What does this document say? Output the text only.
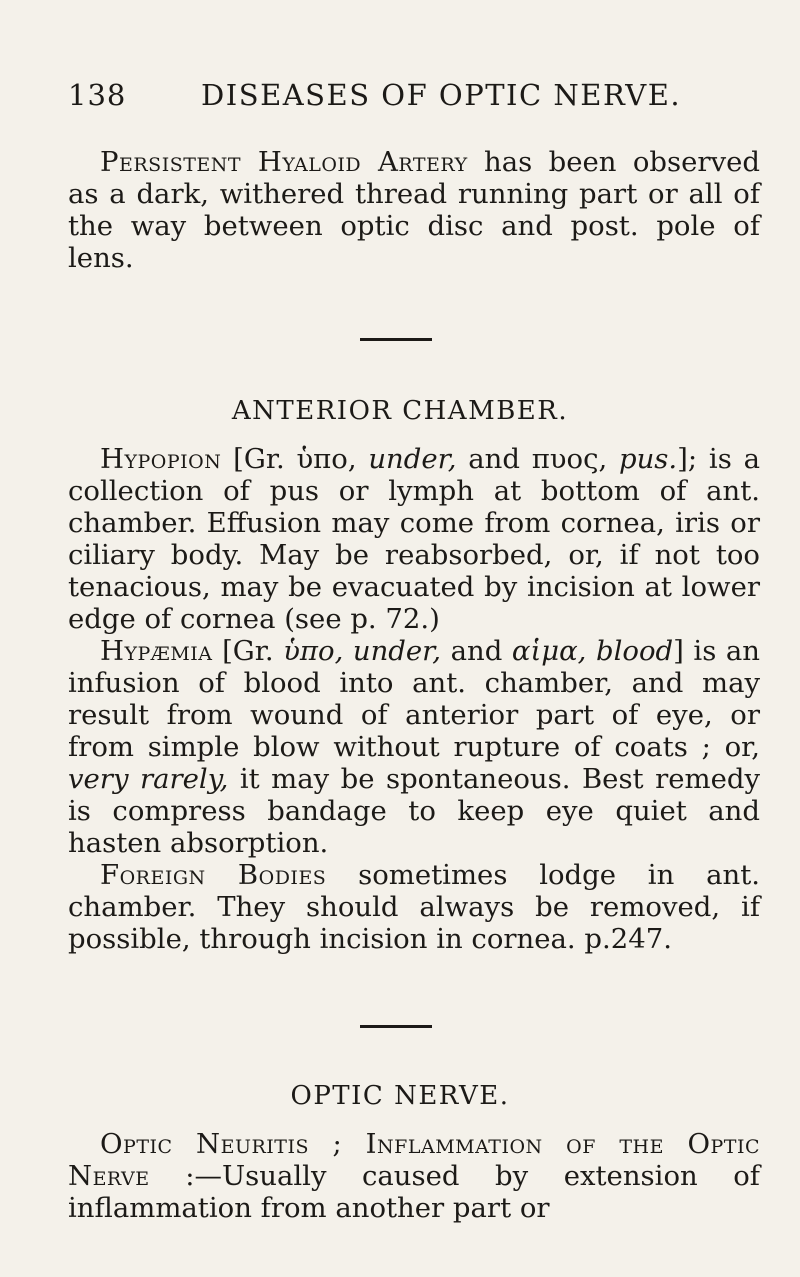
138	DISEASES OF OPTIC NERVE.

Persistent Hyaloid Artery has been observed as a dark, withered thread running part or all of the way between optic disc and post. pole of lens.

ANTERIOR CHAMBER.

Hypopion [Gr. ὑπο, under, and πυος, pus.]; is a collection of pus or lymph at bottom of ant. chamber. Effusion may come from cornea, iris or ciliary body. May be reabsorbed, or, if not too tenacious, may be evacuated by incision at lower edge of cornea (see p. 72.)

Hypæmia [Gr. ὑπο, under, and αἱμα, blood] is an infusion of blood into ant. chamber, and may result from wound of anterior part of eye, or from simple blow without rupture of coats ; or, very rarely, it may be spontaneous. Best remedy is compress bandage to keep eye quiet and hasten absorption.

Foreign Bodies sometimes lodge in ant. chamber. They should always be removed, if possible, through incision in cornea. p.247.

OPTIC NERVE.

Optic Neuritis ; Inflammation of the Optic Nerve :—Usually caused by extension of inflammation from another part or
